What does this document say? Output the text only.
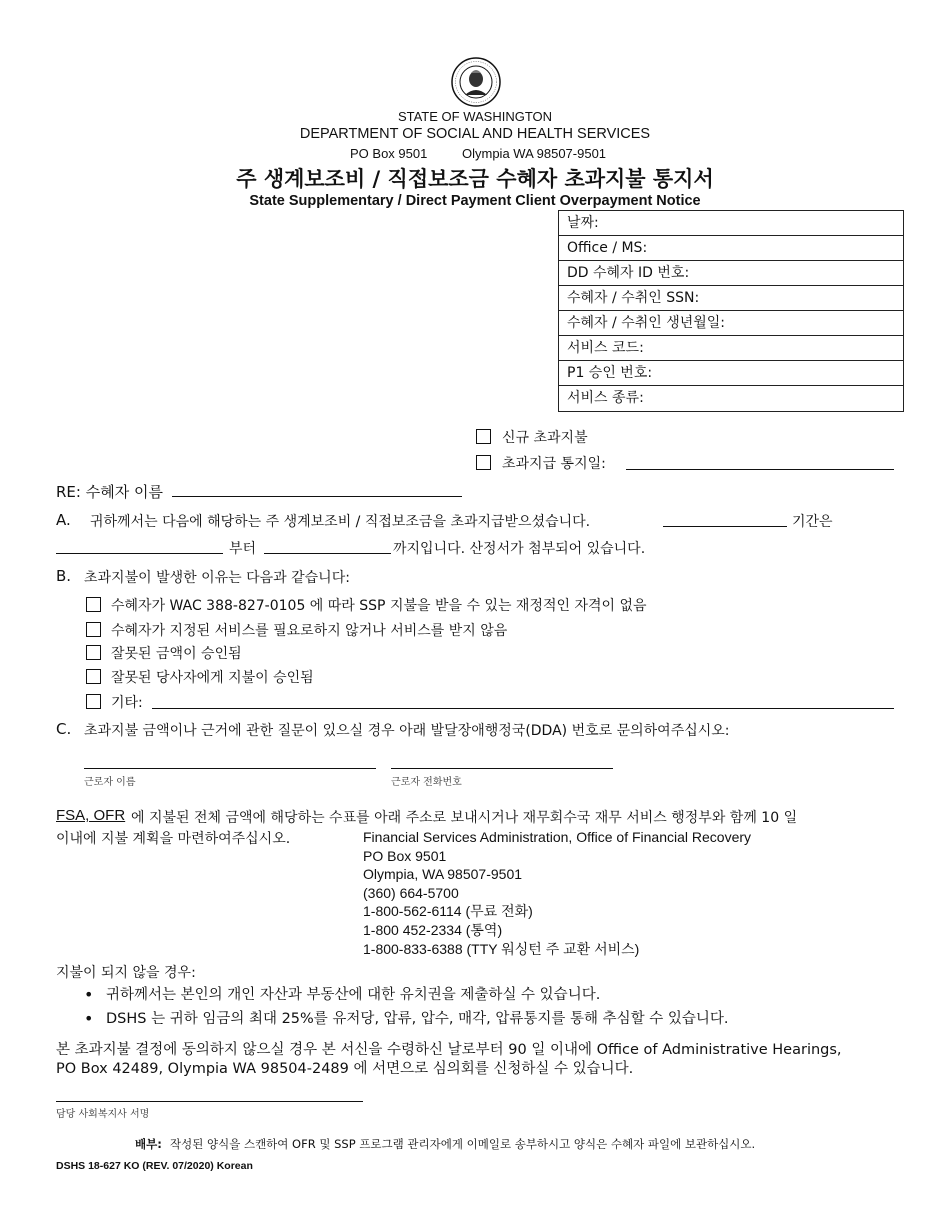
STATE OF WASHINGTON
DEPARTMENT OF SOCIAL AND HEALTH SERVICES
PO Box 9501	Olympia WA 98507-9501
주 생계보조비 / 직접보조금 수혜자 초과지불 통지서
State Supplementary / Direct Payment Client Overpayment Notice
날짜:
Office / MS:
DD 수혜자 ID 번호:
수혜자 / 수취인 SSN:
수혜자 / 수취인 생년월일:
서비스 코드:
P1 승인 번호:
서비스 종류:
신규 초과지불
초과지급 통지일:
RE: 수혜자 이름
A. 귀하께서는 다음에 해당하는 주 생계보조비 / 직접보조금을 초과지급받으셨습니다.	기간은
부터	까지입니다. 산정서가 첨부되어 있습니다.
B. 초과지불이 발생한 이유는 다음과 같습니다:
수혜자가 WAC 388-827-0105 에 따라 SSP 지불을 받을 수 있는 재정적인 자격이 없음
수혜자가 지정된 서비스를 필요로하지 않거나 서비스를 받지 않음
잘못된 금액이 승인됨
잘못된 당사자에게 지불이 승인됨
기타:
C. 초과지불 금액이나 근거에 관한 질문이 있으실 경우 아래 발달장애행정국(DDA) 번호로 문의하여주십시오:
근로자 이름	근로자 전화번호
FSA, OFR 에 지불된 전체 금액에 해당하는 수표를 아래 주소로 보내시거나 재무회수국 재무 서비스 행정부와 함께 10 일
이내에 지불 계획을 마련하여주십시오.	Financial Services Administration, Office of Financial Recovery
PO Box 9501
Olympia, WA 98507-9501
(360) 664-5700
1-800-562-6114 (무료 전화)
1-800 452-2334 (통역)
1-800-833-6388 (TTY 워싱턴 주 교환 서비스)
지불이 되지 않을 경우:
• 귀하께서는 본인의 개인 자산과 부동산에 대한 유치권을 제출하실 수 있습니다.
• DSHS 는 귀하 임금의 최대 25%를 유저당, 압류, 압수, 매각, 압류통지를 통해 추심할 수 있습니다.
본 초과지불 결정에 동의하지 않으실 경우 본 서신을 수령하신 날로부터 90 일 이내에 Office of Administrative Hearings,
PO Box 42489, Olympia WA 98504-2489 에 서면으로 심의회를 신청하실 수 있습니다.
담당 사회복지사 서명
배부: 작성된 양식을 스캔하여 OFR 및 SSP 프로그램 관리자에게 이메일로 송부하시고 양식은 수혜자 파일에 보관하십시오.
DSHS 18-627 KO (REV. 07/2020) Korean
